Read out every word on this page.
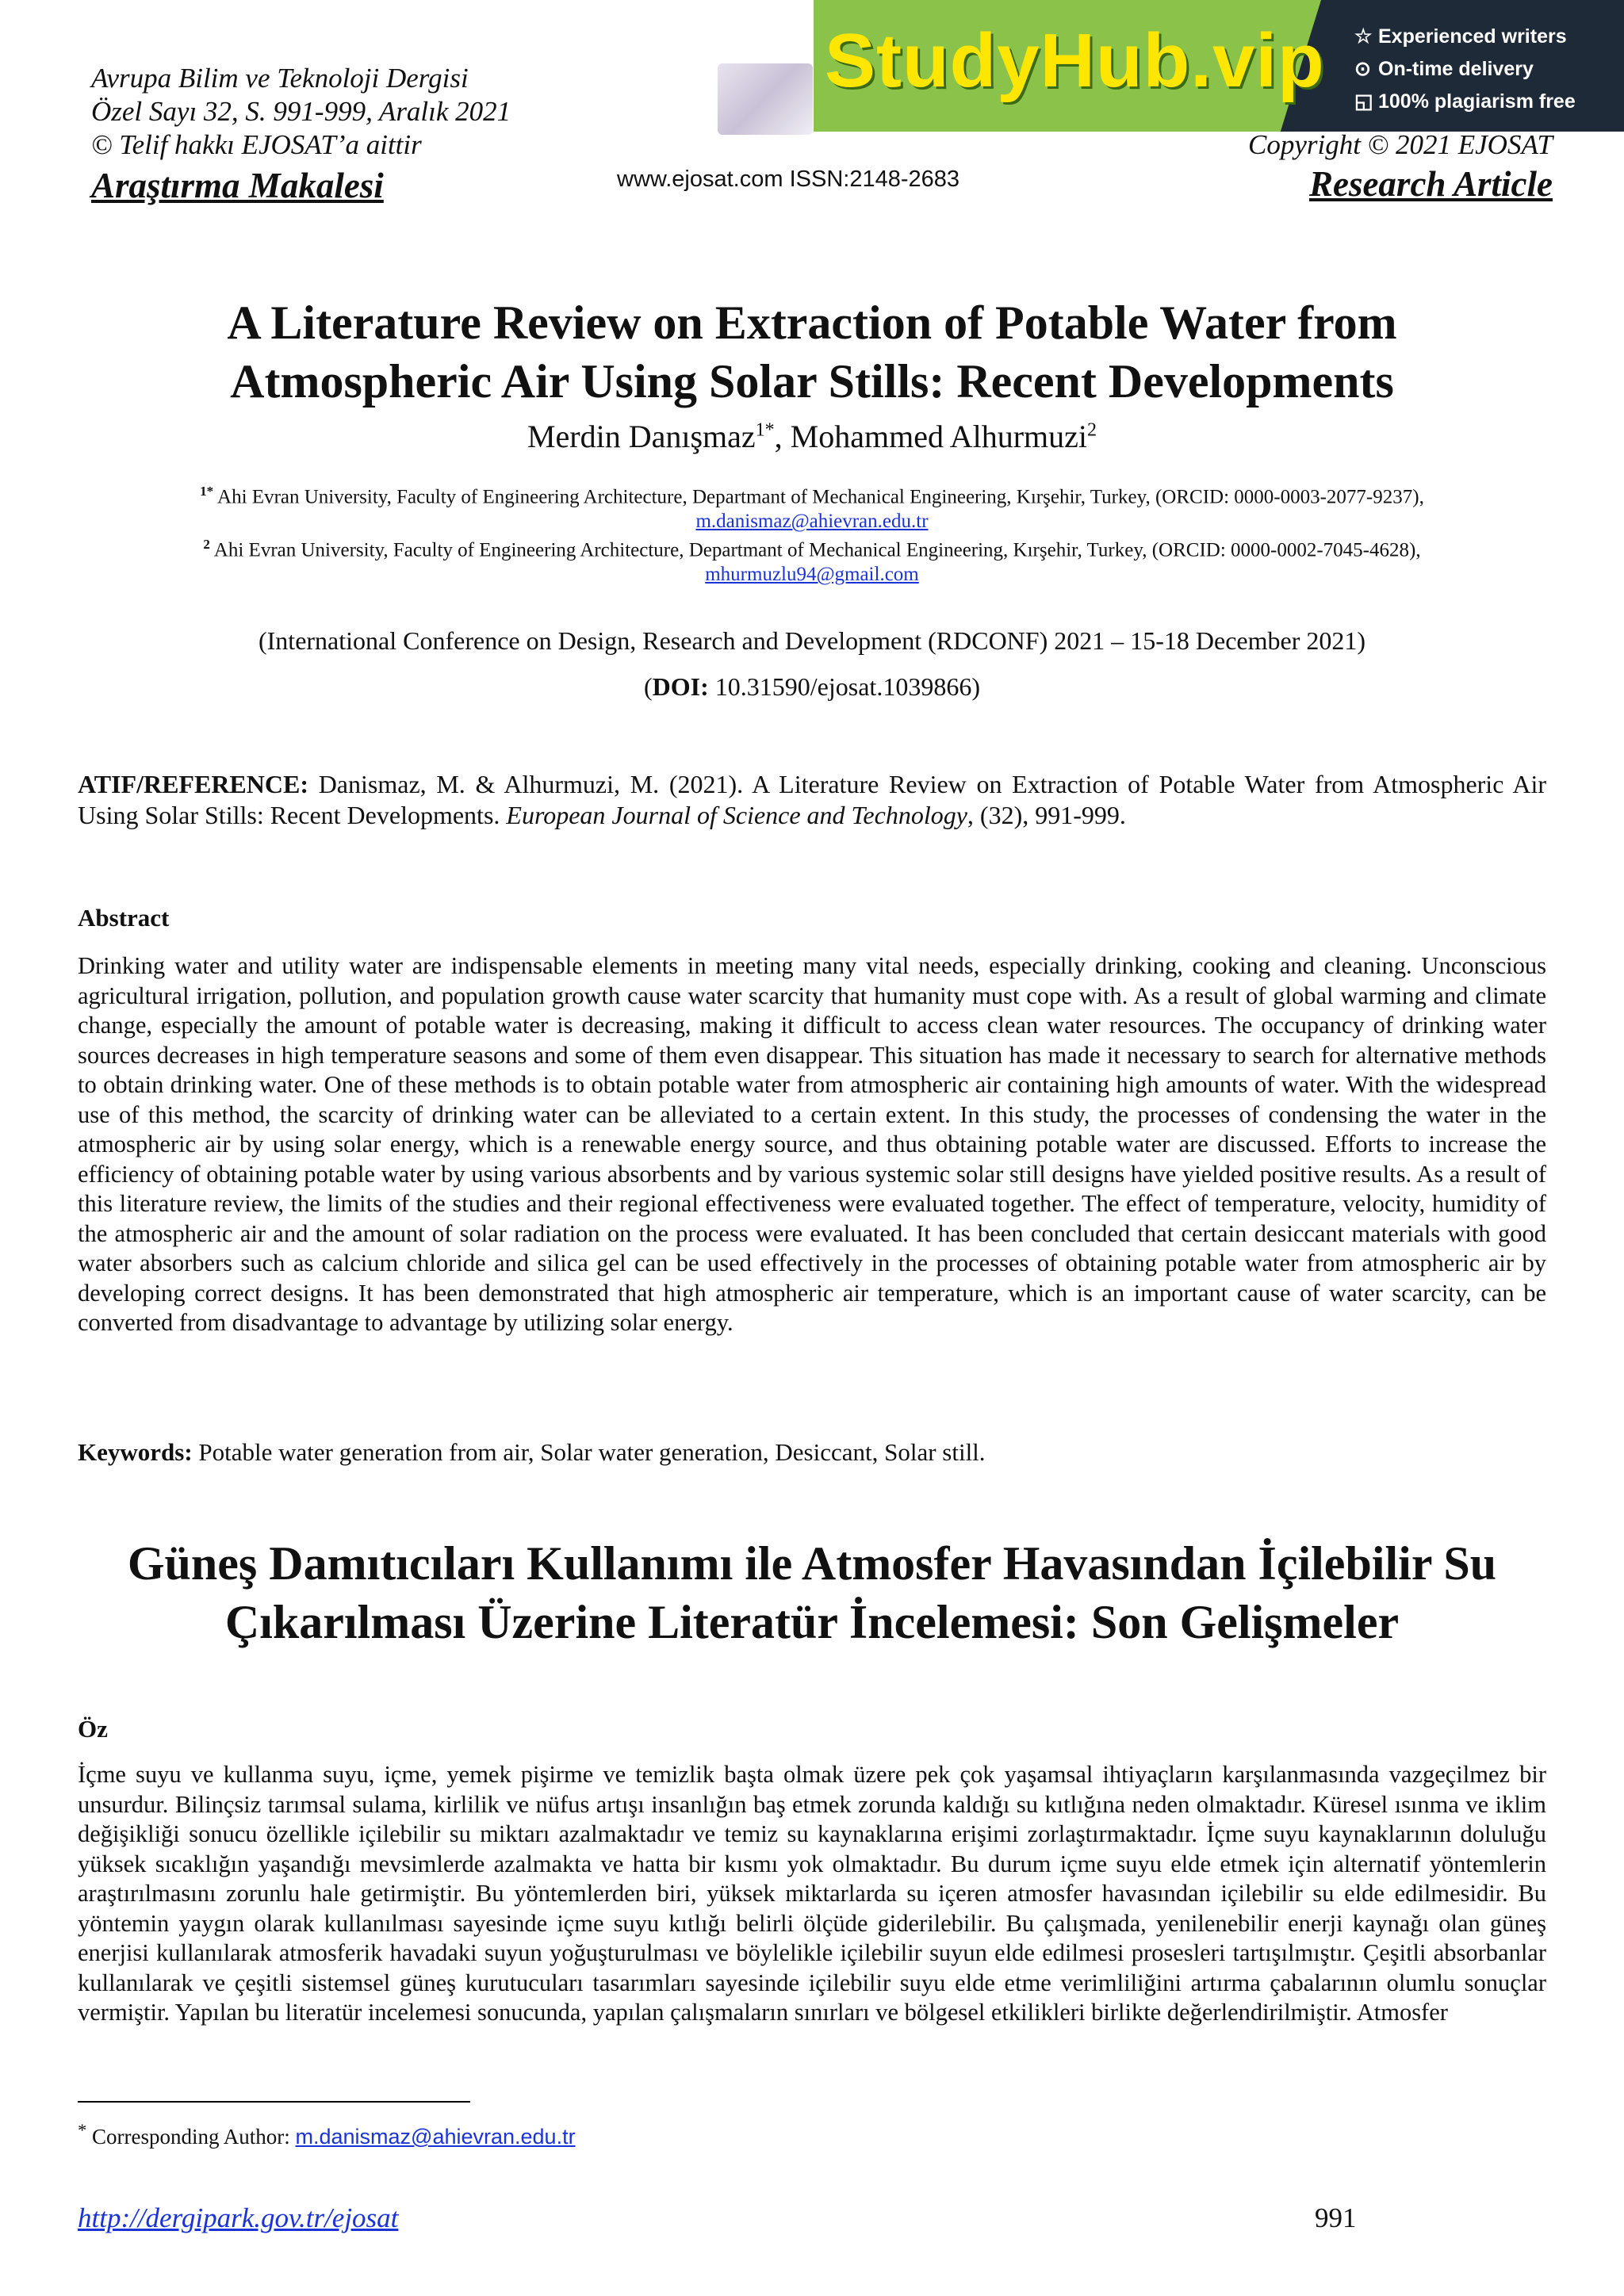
StudyHub.vip ☆ Experienced writers
⊙ On-time delivery
◱ 100% plagiarism free
Avrupa Bilim ve Teknoloji Dergisi
Özel Sayı 32, S. 991-999, Aralık 2021
© Telif hakkı EJOSAT’a aittir
Araştırma Makalesi	www.ejosat.com ISSN:2148-2683
Copyright © 2021 EJOSAT
Research Article
A Literature Review on Extraction of Potable Water from
Atmospheric Air Using Solar Stills: Recent Developments
Merdin Danışmaz$^{1*}$, Mohammed Alhurmuzi$^2$
$^{1*}$ Ahi Evran University, Faculty of Engineering Architecture, Departmant of Mechanical Engineering, Kırşehir, Turkey, (ORCID: 0000-0003-2077-9237),
m.danismaz@ahievran.edu.tr
$^2$ Ahi Evran University, Faculty of Engineering Architecture, Departmant of Mechanical Engineering, Kırşehir, Turkey, (ORCID: 0000-0002-7045-4628),
mhurmuzlu94@gmail.com
(International Conference on Design, Research and Development (RDCONF) 2021 – 15-18 December 2021)
(DOI: 10.31590/ejosat.1039866)
ATIF/REFERENCE: Danismaz, M. & Alhurmuzi, M. (2021). A Literature Review on Extraction of Potable Water from Atmospheric Air Using Solar Stills: Recent Developments. European Journal of Science and Technology, (32), 991-999.
Abstract
Drinking water and utility water are indispensable elements in meeting many vital needs, especially drinking, cooking and cleaning. Unconscious agricultural irrigation, pollution, and population growth cause water scarcity that humanity must cope with. As a result of global warming and climate change, especially the amount of potable water is decreasing, making it difficult to access clean water resources. The occupancy of drinking water sources decreases in high temperature seasons and some of them even disappear. This situation has made it necessary to search for alternative methods to obtain drinking water. One of these methods is to obtain potable water from atmospheric air containing high amounts of water. With the widespread use of this method, the scarcity of drinking water can be alleviated to a certain extent. In this study, the processes of condensing the water in the atmospheric air by using solar energy, which is a renewable energy source, and thus obtaining potable water are discussed. Efforts to increase the efficiency of obtaining potable water by using various absorbents and by various systemic solar still designs have yielded positive results. As a result of this literature review, the limits of the studies and their regional effectiveness were evaluated together. The effect of temperature, velocity, humidity of the atmospheric air and the amount of solar radiation on the process were evaluated. It has been concluded that certain desiccant materials with good water absorbers such as calcium chloride and silica gel can be used effectively in the processes of obtaining potable water from atmospheric air by developing correct designs. It has been demonstrated that high atmospheric air temperature, which is an important cause of water scarcity, can be converted from disadvantage to advantage by utilizing solar energy.
Keywords: Potable water generation from air, Solar water generation, Desiccant, Solar still.
Güneş Damıtıcıları Kullanımı ile Atmosfer Havasından İçilebilir Su
Çıkarılması Üzerine Literatür İncelemesi: Son Gelişmeler
Öz
İçme suyu ve kullanma suyu, içme, yemek pişirme ve temizlik başta olmak üzere pek çok yaşamsal ihtiyaçların karşılanmasında vazgeçilmez bir unsurdur. Bilinçsiz tarımsal sulama, kirlilik ve nüfus artışı insanlığın baş etmek zorunda kaldığı su kıtlığına neden olmaktadır. Küresel ısınma ve iklim değişikliği sonucu özellikle içilebilir su miktarı azalmaktadır ve temiz su kaynaklarına erişimi zorlaştırmaktadır. İçme suyu kaynaklarının doluluğu yüksek sıcaklığın yaşandığı mevsimlerde azalmakta ve hatta bir kısmı yok olmaktadır. Bu durum içme suyu elde etmek için alternatif yöntemlerin araştırılmasını zorunlu hale getirmiştir. Bu yöntemlerden biri, yüksek miktarlarda su içeren atmosfer havasından içilebilir su elde edilmesidir. Bu yöntemin yaygın olarak kullanılması sayesinde içme suyu kıtlığı belirli ölçüde giderilebilir. Bu çalışmada, yenilenebilir enerji kaynağı olan güneş enerjisi kullanılarak atmosferik havadaki suyun yoğuşturulması ve böylelikle içilebilir suyun elde edilmesi prosesleri tartışılmıştır. Çeşitli absorbanlar kullanılarak ve çeşitli sistemsel güneş kurutucuları tasarımları sayesinde içilebilir suyu elde etme verimliliğini artırma çabalarının olumlu sonuçlar vermiştir. Yapılan bu literatür incelemesi sonucunda, yapılan çalışmaların sınırları ve bölgesel etkilikleri birlikte değerlendirilmiştir. Atmosfer
* Corresponding Author: m.danismaz@ahievran.edu.tr
http://dergipark.gov.tr/ejosat	991
